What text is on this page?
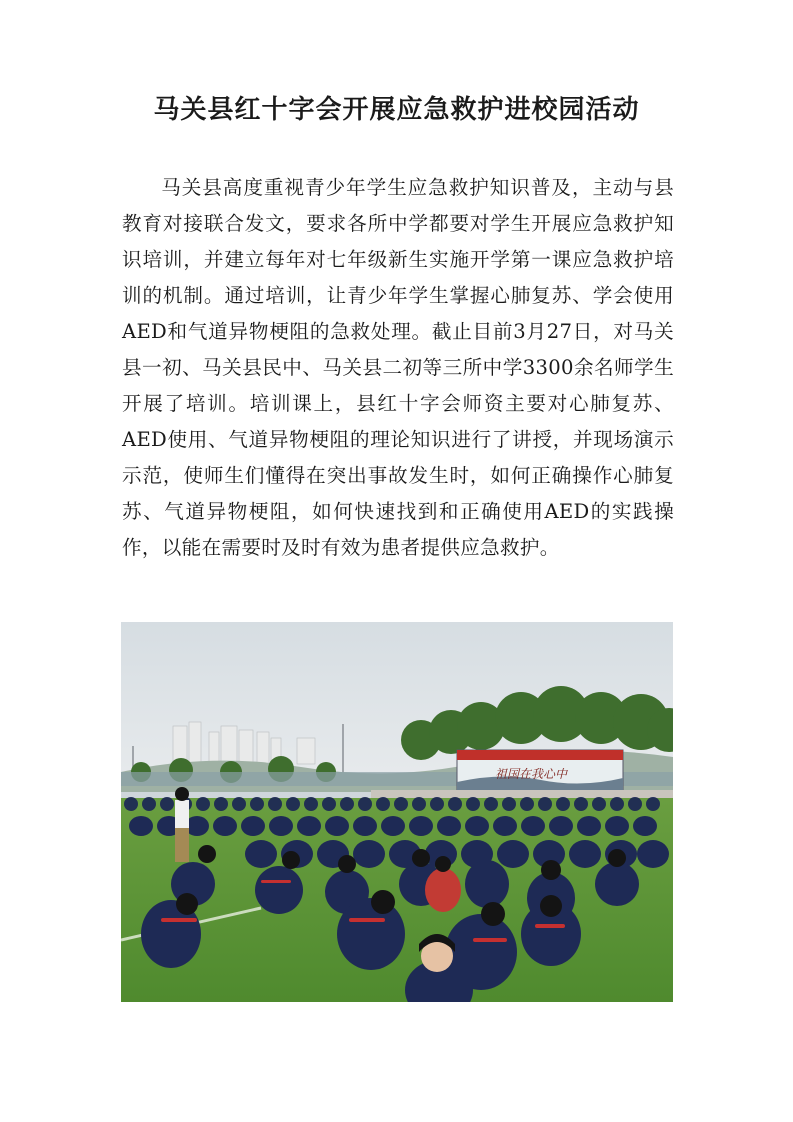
马关县红十字会开展应急救护进校园活动

马关县高度重视青少年学生应急救护知识普及，主动与县教育对接联合发文，要求各所中学都要对学生开展应急救护知识培训，并建立每年对七年级新生实施开学第一课应急救护培训的机制。通过培训，让青少年学生掌握心肺复苏、学会使用AED和气道异物梗阻的急救处理。截止目前3月27日，对马关县一初、马关县民中、马关县二初等三所中学3300余名师学生开展了培训。培训课上，县红十字会师资主要对心肺复苏、AED使用、气道异物梗阻的理论知识进行了讲授，并现场演示示范，使师生们懂得在突出事故发生时，如何正确操作心肺复苏、气道异物梗阻，如何快速找到和正确使用AED的实践操作，以能在需要时及时有效为患者提供应急救护。

祖国在我心中
